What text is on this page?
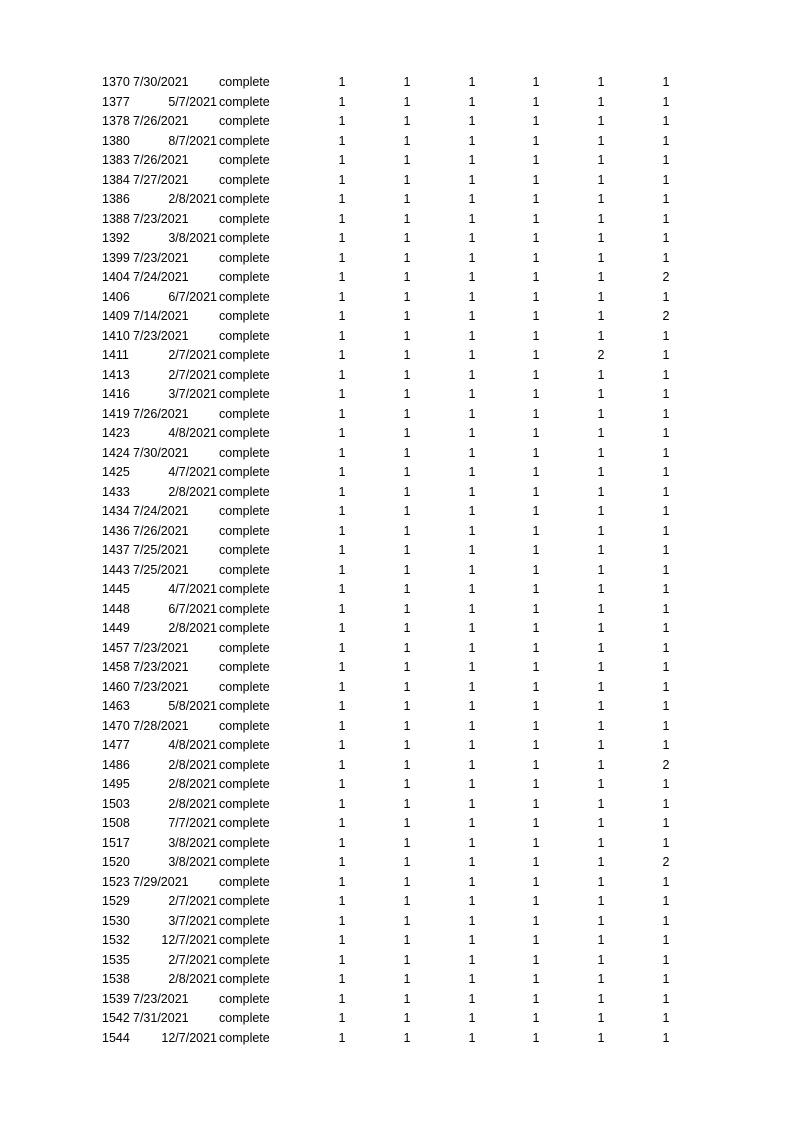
1370 7/30/2021	complete	1	1	1	1	1	1
1377	5/7/2021 complete	1	1	1	1	1	1
1378 7/26/2021	complete	1	1	1	1	1	1
1380	8/7/2021 complete	1	1	1	1	1	1
1383 7/26/2021	complete	1	1	1	1	1	1
1384 7/27/2021	complete	1	1	1	1	1	1
1386	2/8/2021 complete	1	1	1	1	1	1
1388 7/23/2021	complete	1	1	1	1	1	1
1392	3/8/2021 complete	1	1	1	1	1	1
1399 7/23/2021	complete	1	1	1	1	1	1
1404 7/24/2021	complete	1	1	1	1	1	2
1406	6/7/2021 complete	1	1	1	1	1	1
1409 7/14/2021	complete	1	1	1	1	1	2
1410 7/23/2021	complete	1	1	1	1	1	1
1411	2/7/2021 complete	1	1	1	1	2	1
1413	2/7/2021 complete	1	1	1	1	1	1
1416	3/7/2021 complete	1	1	1	1	1	1
1419 7/26/2021	complete	1	1	1	1	1	1
1423	4/8/2021 complete	1	1	1	1	1	1
1424 7/30/2021	complete	1	1	1	1	1	1
1425	4/7/2021 complete	1	1	1	1	1	1
1433	2/8/2021 complete	1	1	1	1	1	1
1434 7/24/2021	complete	1	1	1	1	1	1
1436 7/26/2021	complete	1	1	1	1	1	1
1437 7/25/2021	complete	1	1	1	1	1	1
1443 7/25/2021	complete	1	1	1	1	1	1
1445	4/7/2021 complete	1	1	1	1	1	1
1448	6/7/2021 complete	1	1	1	1	1	1
1449	2/8/2021 complete	1	1	1	1	1	1
1457 7/23/2021	complete	1	1	1	1	1	1
1458 7/23/2021	complete	1	1	1	1	1	1
1460 7/23/2021	complete	1	1	1	1	1	1
1463	5/8/2021 complete	1	1	1	1	1	1
1470 7/28/2021	complete	1	1	1	1	1	1
1477	4/8/2021 complete	1	1	1	1	1	1
1486	2/8/2021 complete	1	1	1	1	1	2
1495	2/8/2021 complete	1	1	1	1	1	1
1503	2/8/2021 complete	1	1	1	1	1	1
1508	7/7/2021 complete	1	1	1	1	1	1
1517	3/8/2021 complete	1	1	1	1	1	1
1520	3/8/2021 complete	1	1	1	1	1	2
1523 7/29/2021	complete	1	1	1	1	1	1
1529	2/7/2021 complete	1	1	1	1	1	1
1530	3/7/2021 complete	1	1	1	1	1	1
1532	12/7/2021 complete	1	1	1	1	1	1
1535	2/7/2021 complete	1	1	1	1	1	1
1538	2/8/2021 complete	1	1	1	1	1	1
1539 7/23/2021	complete	1	1	1	1	1	1
1542 7/31/2021	complete	1	1	1	1	1	1
1544	12/7/2021 complete	1	1	1	1	1	1
